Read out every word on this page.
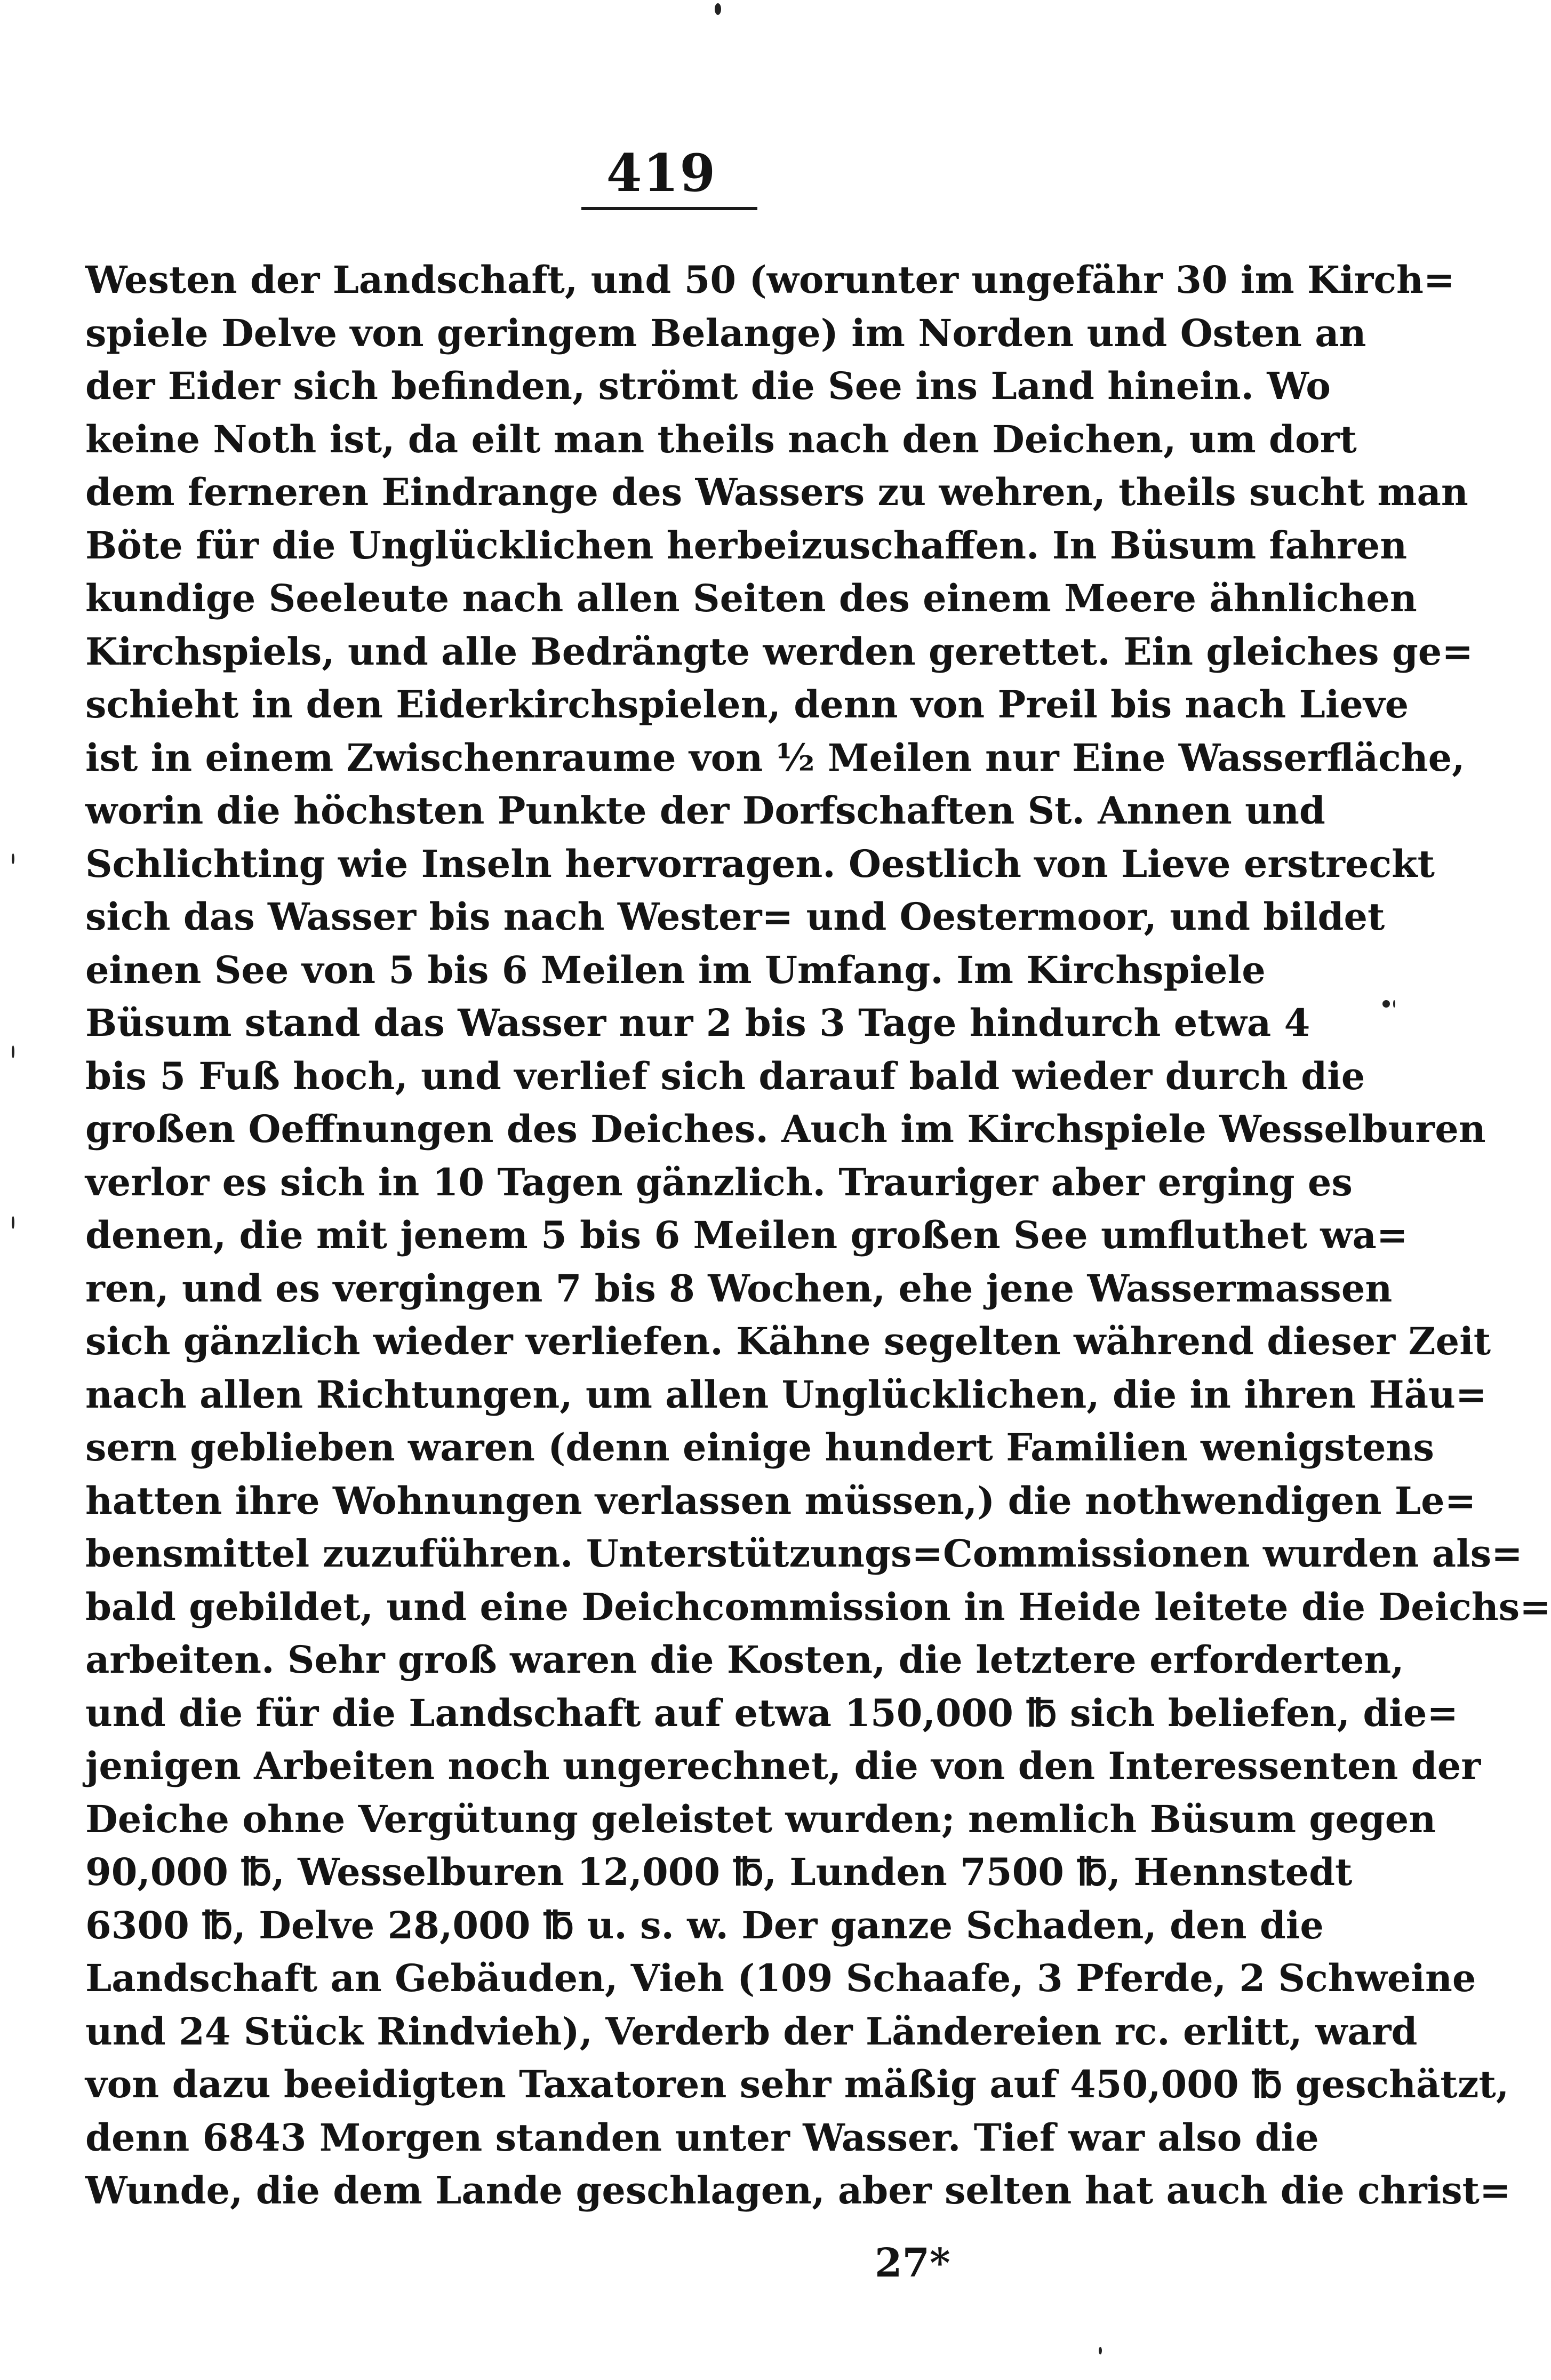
419
Westen der Landschaft, und 50 (worunter ungefähr 30 im Kirch=
spiele Delve von geringem Belange) im Norden und Osten an
der Eider sich befinden, strömt die See ins Land hinein. Wo
keine Noth ist, da eilt man theils nach den Deichen, um dort
dem ferneren Eindrange des Wassers zu wehren, theils sucht man
Böte für die Unglücklichen herbeizuschaffen. In Büsum fahren
kundige Seeleute nach allen Seiten des einem Meere ähnlichen
Kirchspiels, und alle Bedrängte werden gerettet. Ein gleiches ge=
schieht in den Eiderkirchspielen, denn von Preil bis nach Lieve
ist in einem Zwischenraume von ½ Meilen nur Eine Wasserfläche,
worin die höchsten Punkte der Dorfschaften St. Annen und
Schlichting wie Inseln hervorragen. Oestlich von Lieve erstreckt
sich das Wasser bis nach Wester= und Oestermoor, und bildet
einen See von 5 bis 6 Meilen im Umfang. Im Kirchspiele
Büsum stand das Wasser nur 2 bis 3 Tage hindurch etwa 4
bis 5 Fuß hoch, und verlief sich darauf bald wieder durch die
großen Oeffnungen des Deiches. Auch im Kirchspiele Wesselburen
verlor es sich in 10 Tagen gänzlich. Trauriger aber erging es
denen, die mit jenem 5 bis 6 Meilen großen See umfluthet wa=
ren, und es vergingen 7 bis 8 Wochen, ehe jene Wassermassen
sich gänzlich wieder verliefen. Kähne segelten während dieser Zeit
nach allen Richtungen, um allen Unglücklichen, die in ihren Häu=
sern geblieben waren (denn einige hundert Familien wenigstens
hatten ihre Wohnungen verlassen müssen,) die nothwendigen Le=
bensmittel zuzuführen. Unterstützungs=Commissionen wurden als=
bald gebildet, und eine Deichcommission in Heide leitete die Deichs=
arbeiten. Sehr groß waren die Kosten, die letztere erforderten,
und die für die Landschaft auf etwa 150,000 ℔ sich beliefen, die=
jenigen Arbeiten noch ungerechnet, die von den Interessenten der
Deiche ohne Vergütung geleistet wurden; nemlich Büsum gegen
90,000 ℔, Wesselburen 12,000 ℔, Lunden 7500 ℔, Hennstedt
6300 ℔, Delve 28,000 ℔ u. s. w. Der ganze Schaden, den die
Landschaft an Gebäuden, Vieh (109 Schaafe, 3 Pferde, 2 Schweine
und 24 Stück Rindvieh), Verderb der Ländereien rc. erlitt, ward
von dazu beeidigten Taxatoren sehr mäßig auf 450,000 ℔ geschätzt,
denn 6843 Morgen standen unter Wasser. Tief war also die
Wunde, die dem Lande geschlagen, aber selten hat auch die christ=
27*
